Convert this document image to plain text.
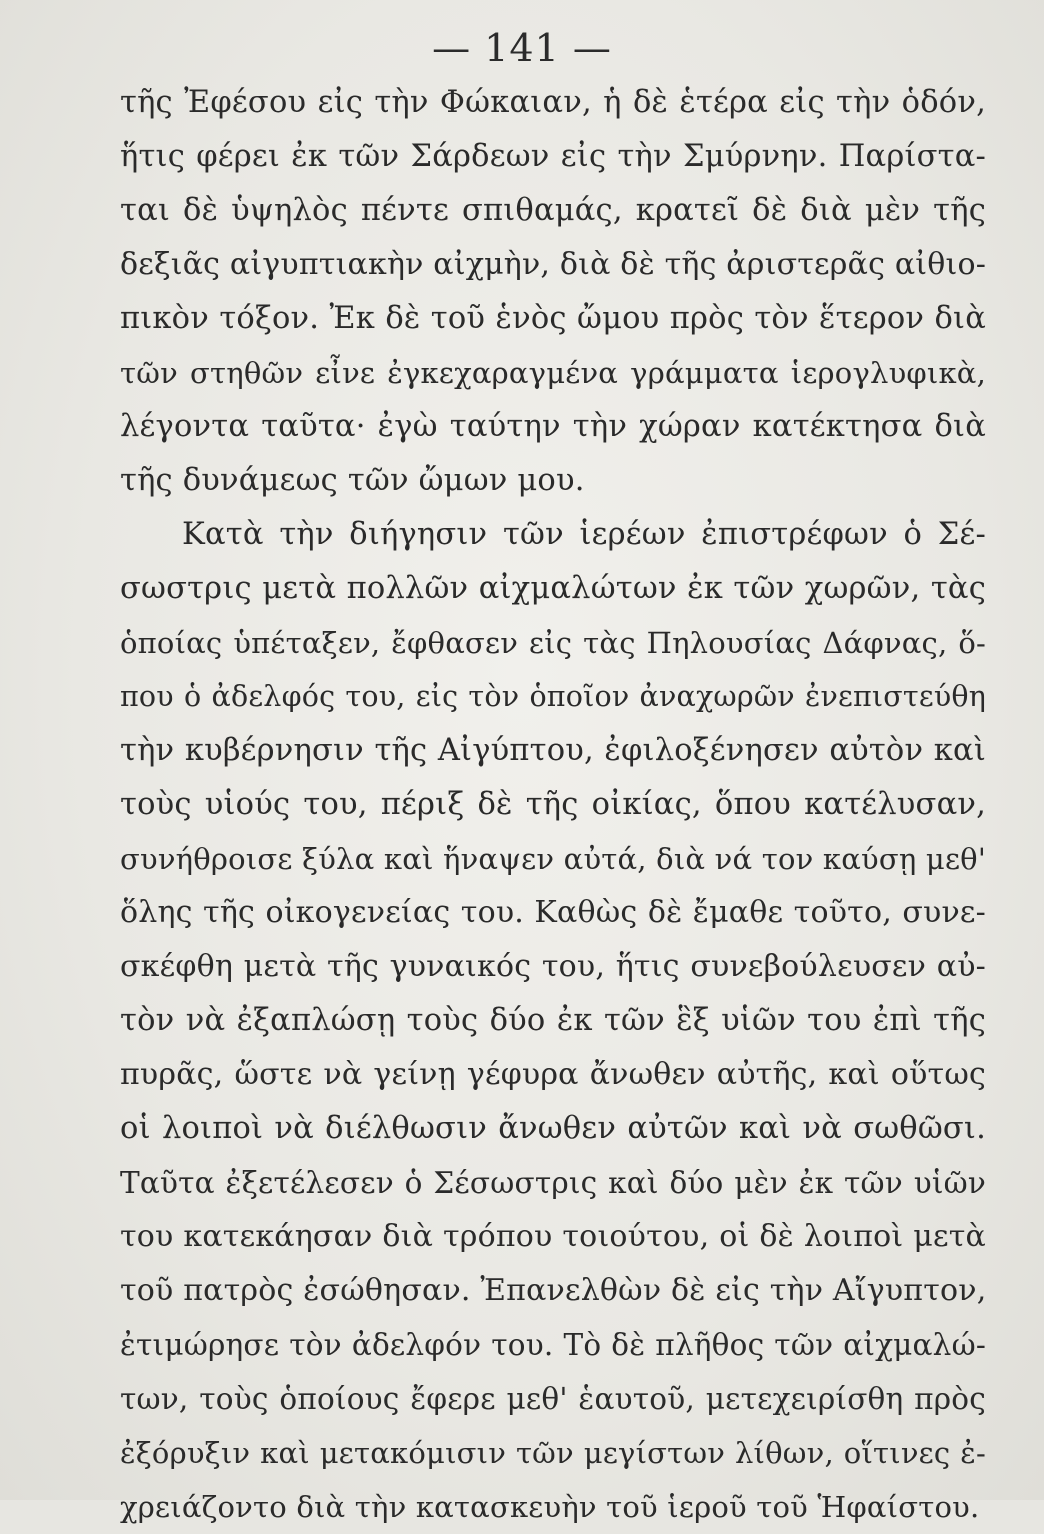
— 141 —
τῆς Ἐφέσου εἰς τὴν Φώκαιαν, ἡ δὲ ἑτέρα εἰς τὴν ὁδόν,
ἥτις φέρει ἐκ τῶν Σάρδεων εἰς τὴν Σμύρνην. Παρίστα-
ται δὲ ὑψηλὸς πέντε σπιθαμάς, κρατεῖ δὲ διὰ μὲν τῆς
δεξιᾶς αἰγυπτιακὴν αἰχμὴν, διὰ δὲ τῆς ἀριστερᾶς αἰθιο-
πικὸν τόξον. Ἐκ δὲ τοῦ ἑνὸς ὤμου πρὸς τὸν ἕτερον διὰ
τῶν στηθῶν εἶνε ἐγκεχαραγμένα γράμματα ἱερογλυφικὰ,
λέγοντα ταῦτα· ἐγὼ ταύτην τὴν χώραν κατέκτησα διὰ
τῆς δυνάμεως τῶν ὤμων μου.
Κατὰ τὴν διήγησιν τῶν ἱερέων ἐπιστρέφων ὁ Σέ-
σωστρις μετὰ πολλῶν αἰχμαλώτων ἐκ τῶν χωρῶν, τὰς
ὁποίας ὑπέταξεν, ἔφθασεν εἰς τὰς Πηλουσίας Δάφνας, ὅ-
που ὁ ἀδελφός του, εἰς τὸν ὁποῖον ἀναχωρῶν ἐνεπιστεύθη
τὴν κυβέρνησιν τῆς Αἰγύπτου, ἐφιλοξένησεν αὐτὸν καὶ
τοὺς υἱούς του, πέριξ δὲ τῆς οἰκίας, ὅπου κατέλυσαν,
συνήθροισε ξύλα καὶ ἥναψεν αὐτά, διὰ νά τον καύσῃ μεθ'
ὅλης τῆς οἰκογενείας του. Καθὼς δὲ ἔμαθε τοῦτο, συνε-
σκέφθη μετὰ τῆς γυναικός του, ἥτις συνεβούλευσεν αὐ-
τὸν νὰ ἐξαπλώσῃ τοὺς δύο ἐκ τῶν ἓξ υἱῶν του ἐπὶ τῆς
πυρᾶς, ὥστε νὰ γείνῃ γέφυρα ἄνωθεν αὐτῆς, καὶ οὕτως
οἱ λοιποὶ νὰ διέλθωσιν ἄνωθεν αὐτῶν καὶ νὰ σωθῶσι.
Ταῦτα ἐξετέλεσεν ὁ Σέσωστρις καὶ δύο μὲν ἐκ τῶν υἱῶν
του κατεκάησαν διὰ τρόπου τοιούτου, οἱ δὲ λοιποὶ μετὰ
τοῦ πατρὸς ἐσώθησαν. Ἐπανελθὼν δὲ εἰς τὴν Αἴγυπτον,
ἐτιμώρησε τὸν ἀδελφόν του. Τὸ δὲ πλῆθος τῶν αἰχμαλώ-
των, τοὺς ὁποίους ἔφερε μεθ' ἑαυτοῦ, μετεχειρίσθη πρὸς
ἐξόρυξιν καὶ μετακόμισιν τῶν μεγίστων λίθων, οἵτινες ἐ-
χρειάζοντο διὰ τὴν κατασκευὴν τοῦ ἱεροῦ τοῦ Ἡφαίστου.
